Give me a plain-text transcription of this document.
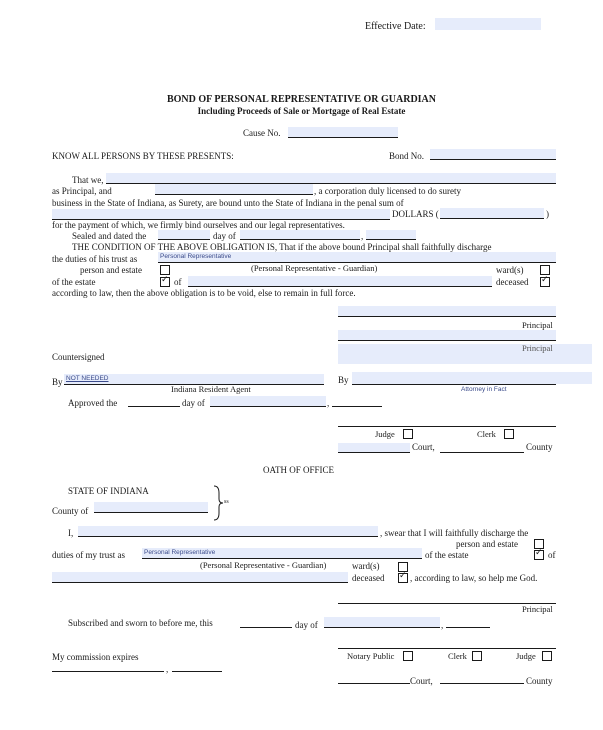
Effective Date:
BOND OF PERSONAL REPRESENTATIVE OR GUARDIAN
Including Proceeds of Sale or Mortgage of Real Estate
Cause No.
KNOW ALL PERSONS BY THESE PRESENTS:	Bond No.
That we,
as Principal, and	, a corporation duly licensed to do surety
business in the State of Indiana, as Surety, are bound unto the State of Indiana in the penal sum of
DOLLARS (	)
for the payment of which, we firmly bind ourselves and our legal representatives.
Sealed and dated the	day of	,
THE CONDITION OF THE ABOVE OBLIGATION IS, That if the above bound Principal shall faithfully discharge
the duties of his trust as	Personal Representative
person and estate	(Personal Representative - Guardian)	ward(s)
of the estate ✓	of	deceased
✓
according to law, then the above obligation is to be void, else to remain in full force.
Principal
Principal
Countersigned
By NOT NEEDED
Indiana Resident Agent
By
Attorney in Fact
Approved the	day of	,
Judge	Clerk
Court,	County
OATH OF OFFICE
STATE OF INDIANA
County of
ss
I,	, swear that I will faithfully discharge the
person and estate
duties of my trust as	Personal Representative	of the estate ✓	of
(Personal Representative - Guardian)	ward(s)
deceased ✓	, according to law, so help me God.
Principal
Subscribed and sworn to before me, this	day of	,
My commission expires
,
Notary Public	Clerk	Judge
Court,	County
